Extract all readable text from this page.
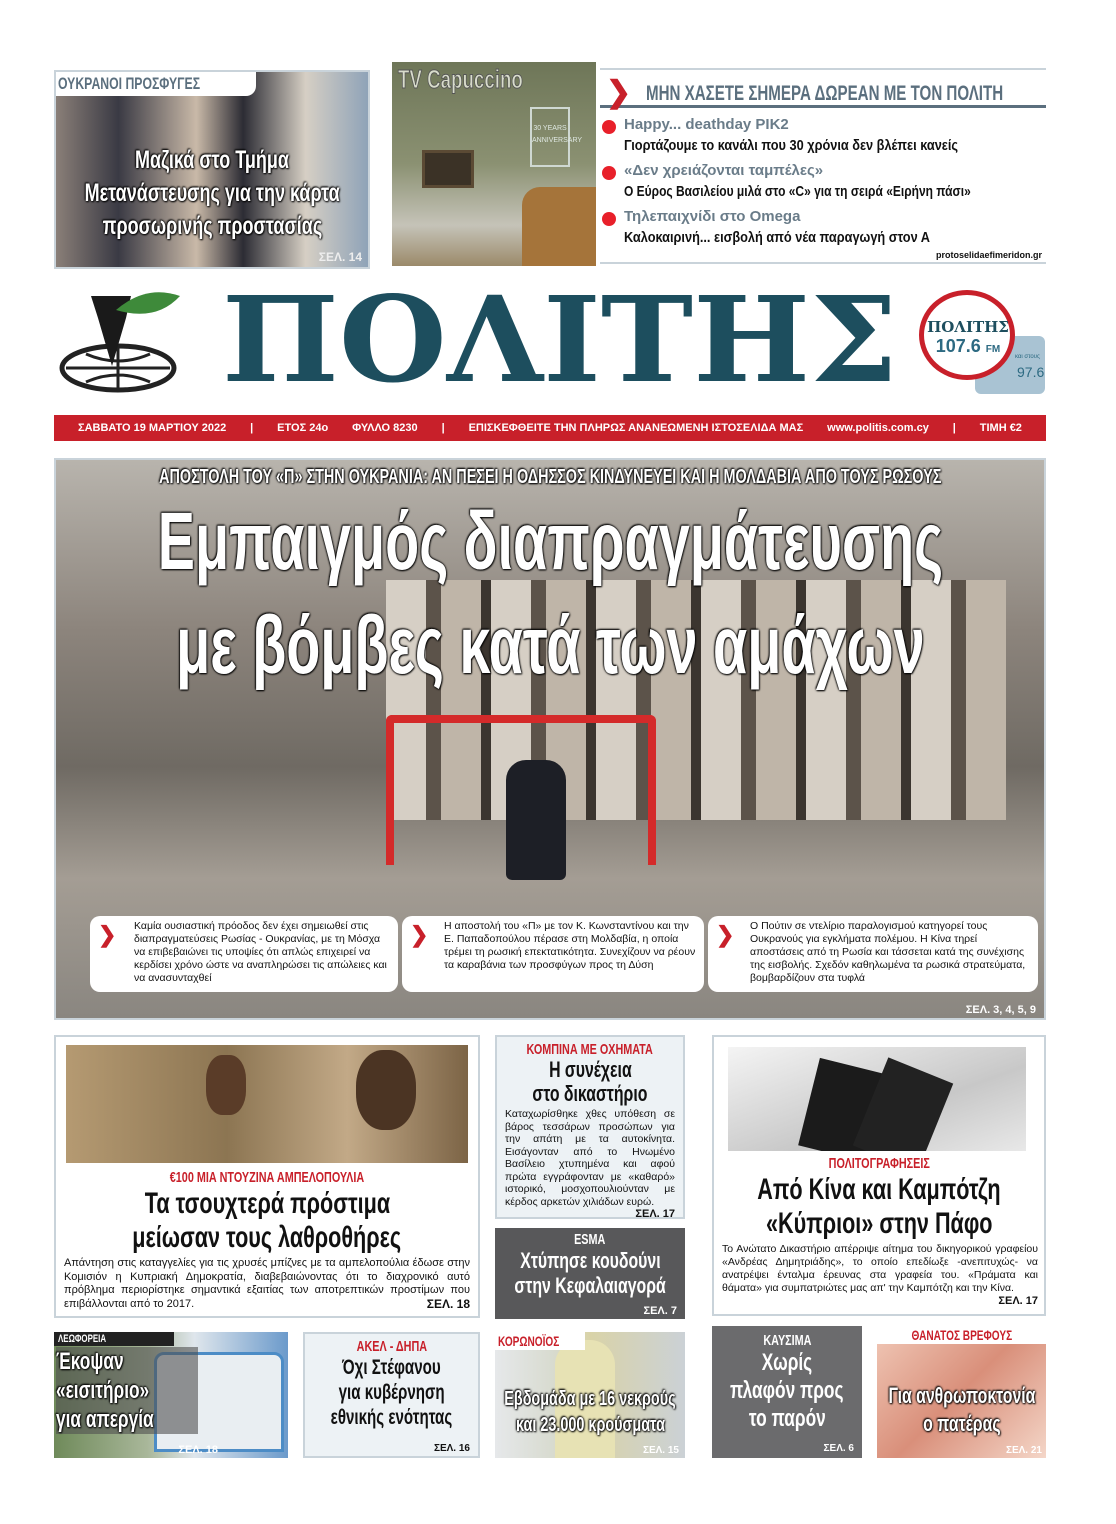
ΟΥΚΡΑΝΟΙ ΠΡΟΣΦΥΓΕΣ
Μαζικά στο Τμήμα
Μετανάστευσης για την κάρτα
προσωρινής προστασίας
ΣΕΛ. 14
TV Capuccino
30 YEARS ANNIVERSARY
❯ ΜΗΝ ΧΑΣΕΤΕ ΣΗΜΕΡΑ ΔΩΡΕΑΝ ΜΕ ΤΟΝ ΠΟΛΙΤΗ
Happy... deathday PIK2
Γιορτάζουμε το κανάλι που 30 χρόνια δεν βλέπει κανείς
«Δεν χρειάζονται ταμπέλες»
Ο Εύρος Βασιλείου μιλά στο «C» για τη σειρά «Ειρήνη πάσι»
Τηλεπαιχνίδι στο Omega
Καλοκαιρινή... εισβολή από νέα παραγωγή στον Α
protoselidaefimeridon.gr
ΠΟΛΙΤΗΣ	ΠΟΛΙΤΗΣ
107.6 FM
και στους
97.6
ΣΑΒΒΑΤΟ 19 ΜΑΡΤΙΟΥ 2022 | ΕΤΟΣ 24ο ΦΥΛΛΟ 8230 | ΕΠΙΣΚΕΦΘΕΙΤΕ ΤΗΝ ΠΛΗΡΩΣ ΑΝΑΝΕΩΜΕΝΗ ΙΣΤΟΣΕΛΙΔΑ ΜΑΣ www.politis.com.cy | ΤΙΜΗ €2
ΑΠΟΣΤΟΛΗ ΤΟΥ «Π» ΣΤΗΝ ΟΥΚΡΑΝΙΑ: ΑΝ ΠΕΣΕΙ Η ΟΔΗΣΣΟΣ ΚΙΝΔΥΝΕΥΕΙ ΚΑΙ Η ΜΟΛΔΑΒΙΑ ΑΠΟ ΤΟΥΣ ΡΩΣΟΥΣ
Εμπαιγμός διαπραγμάτευσης
με βόμβες κατά των αμάχων
❯ Καμία ουσιαστική πρόοδος δεν έχει σημειωθεί στις διαπραγματεύσεις Ρωσίας - Ουκρανίας, με τη Μόσχα να επιβεβαιώνει τις υποψίες ότι απλώς επιχειρεί να κερδίσει χρόνο ώστε να αναπληρώσει τις απώλειες και να ανασυνταχθεί
❯ Η αποστολή του «Π» με τον Κ. Κωνσταντίνου και την Ε. Παπαδοπούλου πέρασε στη Μολδαβία, η οποία τρέμει τη ρωσική επεκτατικότητα. Συνεχίζουν να ρέουν τα καραβάνια των προσφύγων προς τη Δύση
❯ Ο Πούτιν σε ντελίριο παραλογισμού κατηγορεί τους Ουκρανούς για εγκλήματα πολέμου. Η Κίνα τηρεί αποστάσεις από τη Ρωσία και τάσσεται κατά της συνέχισης της εισβολής. Σχεδόν καθηλωμένα τα ρωσικά στρατεύματα, βομβαρδίζουν στα τυφλά
ΣΕΛ. 3, 4, 5, 9
€100 ΜΙΑ ΝΤΟΥΖΙΝΑ ΑΜΠΕΛΟΠΟΥΛΙΑ
Τα τσουχτερά πρόστιμα
μείωσαν τους λαθροθήρες
Απάντηση στις καταγγελίες για τις χρυσές μπίζνες με τα αμπελοπούλια έδωσε στην Κομισιόν η Κυπριακή Δημοκρατία, διαβεβαιώνοντας ότι το διαχρονικό αυτό πρόβλημα περιορίστηκε σημαντικά εξαιτίας των αποτρεπτικών προστίμων που επιβάλλονται από το 2017.	ΣΕΛ. 18
ΚΟΜΠΙΝΑ ΜΕ ΟΧΗΜΑΤΑ
Η συνέχεια
στο δικαστήριο
Καταχωρίσθηκε χθες υπόθεση σε βάρος τεσσάρων προσώπων για την απάτη με τα αυτοκίνητα. Εισάγονταν από το Ηνωμένο Βασίλειο χτυπημένα και αφού πρώτα εγγράφονταν με «καθαρό» ιστορικό, μοσχοπουλιούνταν με κέρδος αρκετών χιλιάδων ευρώ.
ΣΕΛ. 17
ESMA
Χτύπησε κουδούνι
στην Κεφαλαιαγορά
ΣΕΛ. 7
ΠΟΛΙΤΟΓΡΑΦΗΣΕΙΣ
Από Κίνα και Καμπότζη
«Κύπριοι» στην Πάφο
Το Ανώτατο Δικαστήριο απέρριψε αίτημα του δικηγορικού γραφείου «Ανδρέας Δημητριάδης», το οποίο επεδίωξε -ανεπιτυχώς- να ανατρέψει ένταλμα έρευνας στα γραφεία του. «Πράματα και θάματα» για συμπατριώτες μας απ' την Καμπότζη και την Κίνα.
ΣΕΛ. 17
ΛΕΩΦΟΡΕΙΑ
Έκοψαν
«εισιτήριο»
για απεργία
ΣΕΛ. 18
ΑΚΕΛ - ΔΗΠΑ
Όχι Στέφανου
για κυβέρνηση
εθνικής ενότητας
ΣΕΛ. 16
ΚΟΡΩΝΟΪΟΣ
Εβδομάδα με 16 νεκρούς
και 23.000 κρούσματα
ΣΕΛ. 15
ΚΑΥΣΙΜΑ
Χωρίς
πλαφόν προς
το παρόν
ΣΕΛ. 6
ΘΑΝΑΤΟΣ ΒΡΕΦΟΥΣ
Για ανθρωποκτονία
ο πατέρας
ΣΕΛ. 21
